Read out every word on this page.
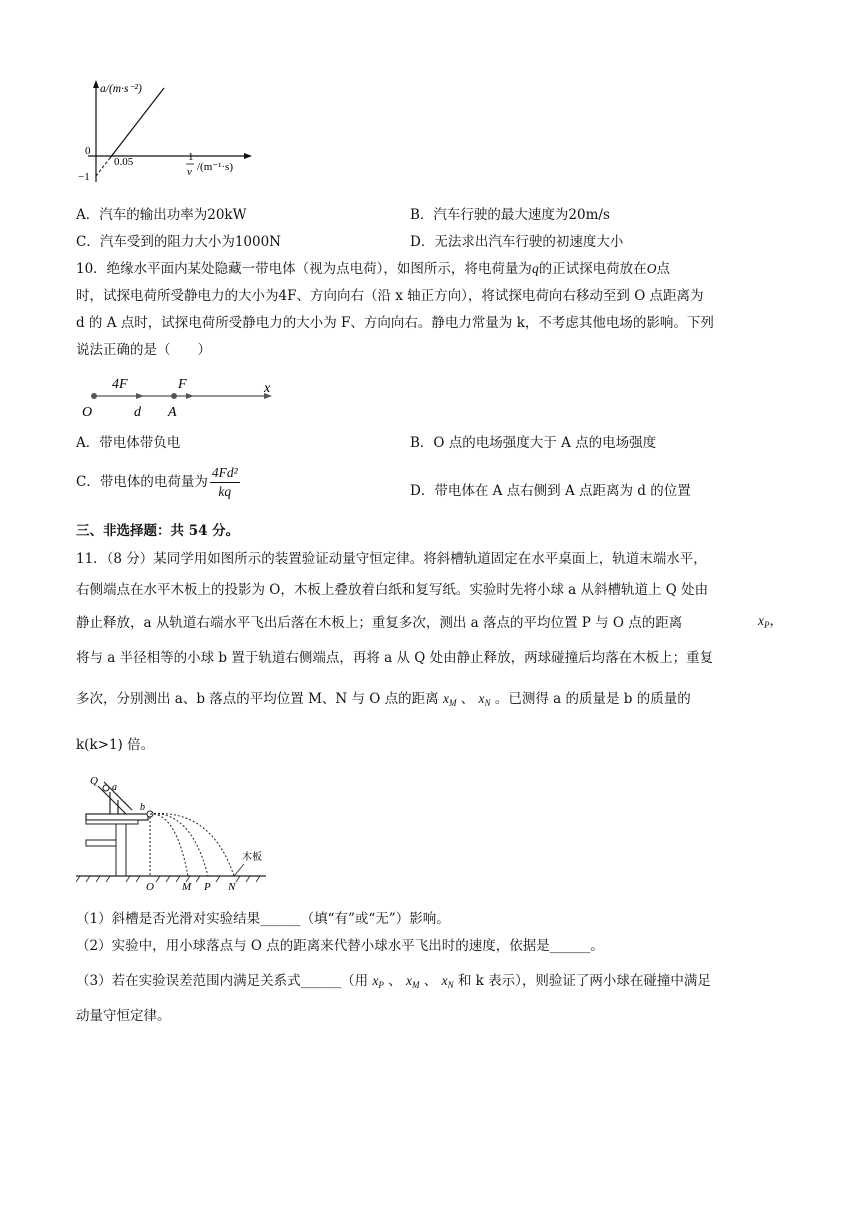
a/(m·s⁻²)
0
−1
0.05	1
v /(m⁻¹·s)
A．汽车的输出功率为20kW	B．汽车行驶的最大速度为20m/s
C．汽车受到的阻力大小为1000N	D．无法求出汽车行驶的初速度大小
10．绝缘水平面内某处隐藏一带电体（视为点电荷），如图所示，将电荷量为q的正试探电荷放在O点
时，试探电荷所受静电力的大小为4F、方向向右（沿 x 轴正方向），将试探电荷向右移动至到 O 点距离为
d 的 A 点时，试探电荷所受静电力的大小为 F、方向向右。静电力常量为 k，不考虑其他电场的影响。下列
说法正确的是（　　）
4F	F	x
O	d A
A．带电体带负电	B．O 点的电场强度大于 A 点的电场强度
C．带电体的电荷量为 $\frac{\text{4Fd²}}{kq}$	D．带电体在 A 点右侧到 A 点距离为 d 的位置
三、非选择题：共 54 分。
11．（8 分）某同学用如图所示的装置验证动量守恒定律。将斜槽轨道固定在水平桌面上，轨道末端水平，
右侧端点在水平木板上的投影为 O，木板上叠放着白纸和复写纸。实验时先将小球 a 从斜槽轨道上 Q 处由
静止释放，a 从轨道右端水平飞出后落在木板上；重复多次，测出 a 落点的平均位置 P 与 O 点的距离	$x_P$，
将与 a 半径相等的小球 b 置于轨道右侧端点，再将 a 从 Q 处由静止释放，两球碰撞后均落在木板上；重复
多次，分别测出 a、b 落点的平均位置 M、N 与 O 点的距离 $x_M$ 、 $x_N$ 。已测得 a 的质量是 b 的质量的
k(k>1) 倍。
Q
a
b
木板
O	M P N
（1）斜槽是否光滑对实验结果______（填“有”或“无”）影响。
（2）实验中，用小球落点与 O 点的距离来代替小球水平飞出时的速度，依据是______。
（3）若在实验误差范围内满足关系式______（用 $x_P$ 、 $x_M$ 、 $x_N$ 和 k 表示），则验证了两小球在碰撞中满足
动量守恒定律。
